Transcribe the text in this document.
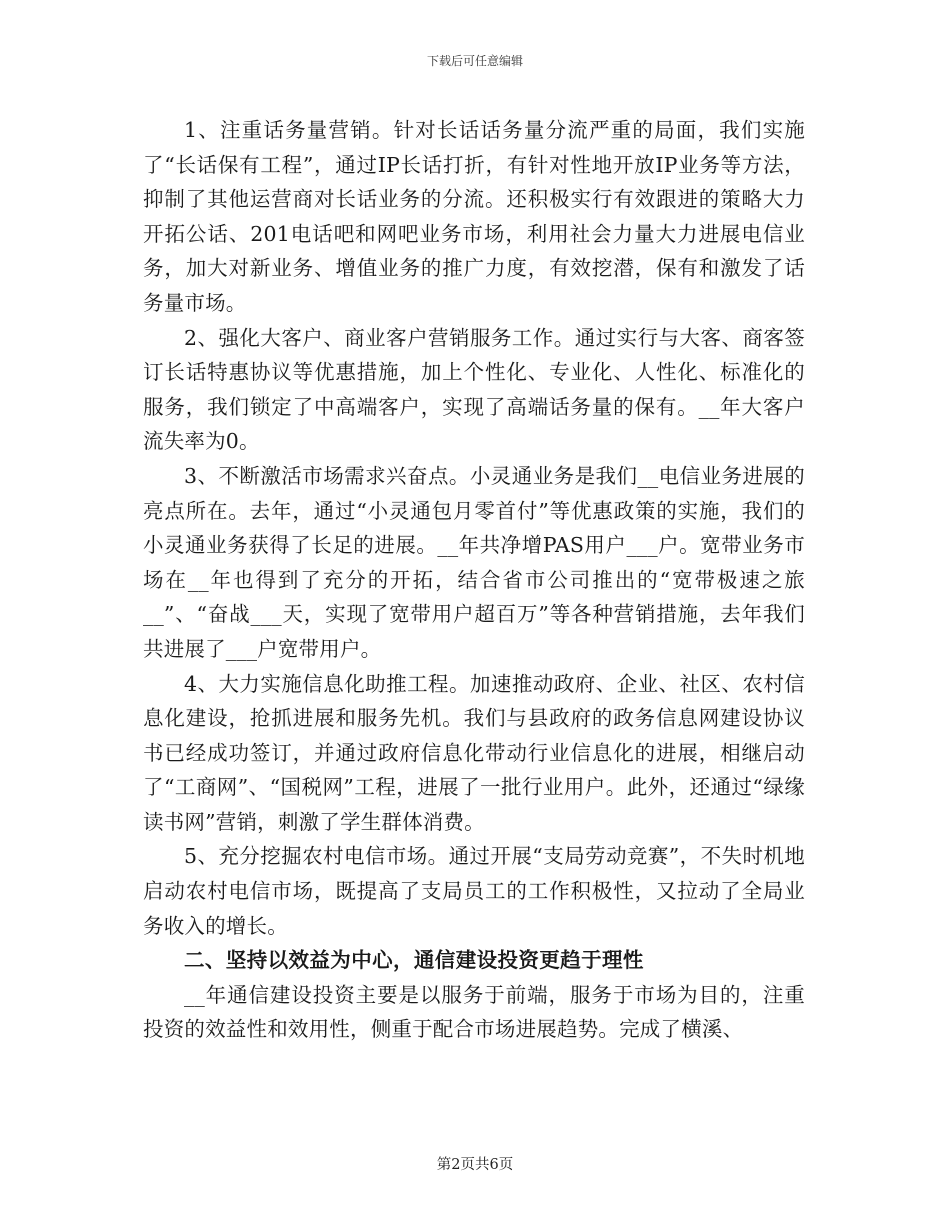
下载后可任意编辑

1、注重话务量营销。针对长话话务量分流严重的局面，我们实施了“长话保有工程”，通过IP长话打折，有针对性地开放IP业务等方法，抑制了其他运营商对长话业务的分流。还积极实行有效跟进的策略大力开拓公话、201电话吧和网吧业务市场，利用社会力量大力进展电信业务，加大对新业务、增值业务的推广力度，有效挖潜，保有和激发了话务量市场。

2、强化大客户、商业客户营销服务工作。通过实行与大客、商客签订长话特惠协议等优惠措施，加上个性化、专业化、人性化、标准化的服务，我们锁定了中高端客户，实现了高端话务量的保有。__年大客户流失率为0。

3、不断激活市场需求兴奋点。小灵通业务是我们__电信业务进展的亮点所在。去年，通过“小灵通包月零首付”等优惠政策的实施，我们的小灵通业务获得了长足的进展。__年共净增PAS用户___户。宽带业务市场在__年也得到了充分的开拓，结合省市公司推出的“宽带极速之旅__”、“奋战___天，实现了宽带用户超百万”等各种营销措施，去年我们共进展了___户宽带用户。

4、大力实施信息化助推工程。加速推动政府、企业、社区、农村信息化建设，抢抓进展和服务先机。我们与县政府的政务信息网建设协议书已经成功签订，并通过政府信息化带动行业信息化的进展，相继启动了“工商网”、“国税网”工程，进展了一批行业用户。此外，还通过“绿缘读书网”营销，刺激了学生群体消费。

5、充分挖掘农村电信市场。通过开展“支局劳动竞赛”，不失时机地启动农村电信市场，既提高了支局员工的工作积极性，又拉动了全局业务收入的增长。

二、坚持以效益为中心，通信建设投资更趋于理性

__年通信建设投资主要是以服务于前端，服务于市场为目的，注重投资的效益性和效用性，侧重于配合市场进展趋势。完成了横溪、

第2页共6页
